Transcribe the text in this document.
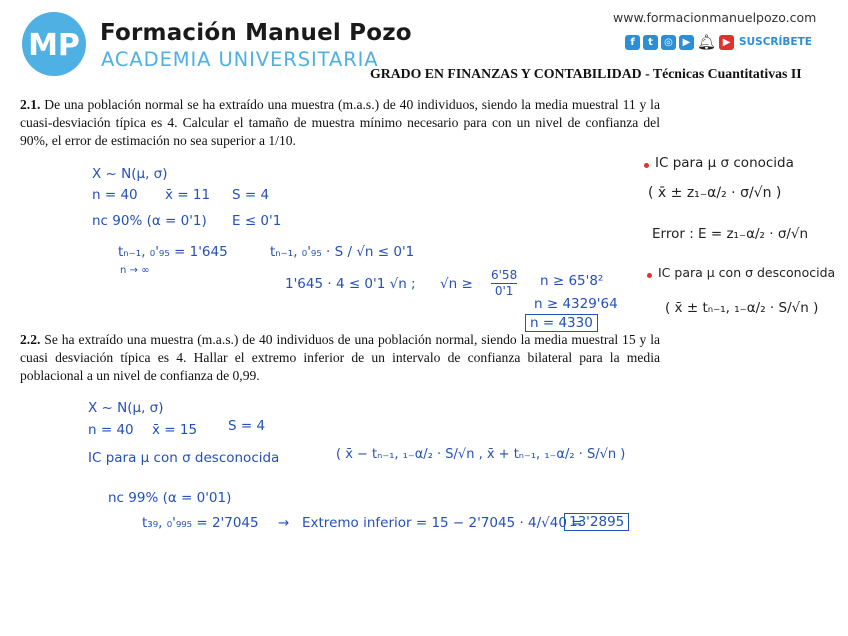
MP Formación Manuel Pozo
ACADEMIA UNIVERSITARIA
www.formacionmanuelpozo.com
f	t	◎ ▶ 🔔︎ ▶ SUSCRÍBETE
GRADO EN FINANZAS Y CONTABILIDAD - Técnicas Cuantitativas II
2.1. De una población normal se ha extraído una muestra (m.a.s.) de 40 individuos, siendo la media muestral 11 y la cuasi-desviación típica es 4. Calcular el tamaño de muestra mínimo necesario para con un nivel de confianza del 90%, el error de estimación no sea superior a 1/10.
X ~ N(μ, σ)
n = 40 x̄ = 11 S = 4
nc 90% (α = 0'1) E ≤ 0'1
tₙ₋₁, ₀'₉₅ = 1'645
n → ∞
tₙ₋₁, ₀'₉₅ · S / √n ≤ 0'1
1'645 · 4 ≤ 0'1 √n ; $√n \ge \frac{6'58}{0'1}$ n ≥ 65'8²
n ≥ 4329'64
n = 4330
IC para μ σ conocida
( x̄ ± z₁₋α/₂ · σ/√n )
Error : E = z₁₋α/₂ · σ/√n
IC para μ con σ desconocida
( x̄ ± tₙ₋₁, ₁₋α/₂ · S/√n )
2.2. Se ha extraído una muestra (m.a.s.) de 40 individuos de una población normal, siendo la media muestral 15 y la cuasi desviación típica es 4. Hallar el extremo inferior de un intervalo de confianza bilateral para la media poblacional a un nivel de confianza de 0,99.
X ~ N(μ, σ)
n = 40 x̄ = 15 S = 4
IC para μ con σ desconocida	( x̄ − tₙ₋₁, ₁₋α/₂ · S/√n , x̄ + tₙ₋₁, ₁₋α/₂ · S/√n )
nc 99% (α = 0'01)
t₃₉, ₀'₉₉₅ = 2'7045 → Extremo inferior = 15 − 2'7045 · 4/√40 =
13'2895
